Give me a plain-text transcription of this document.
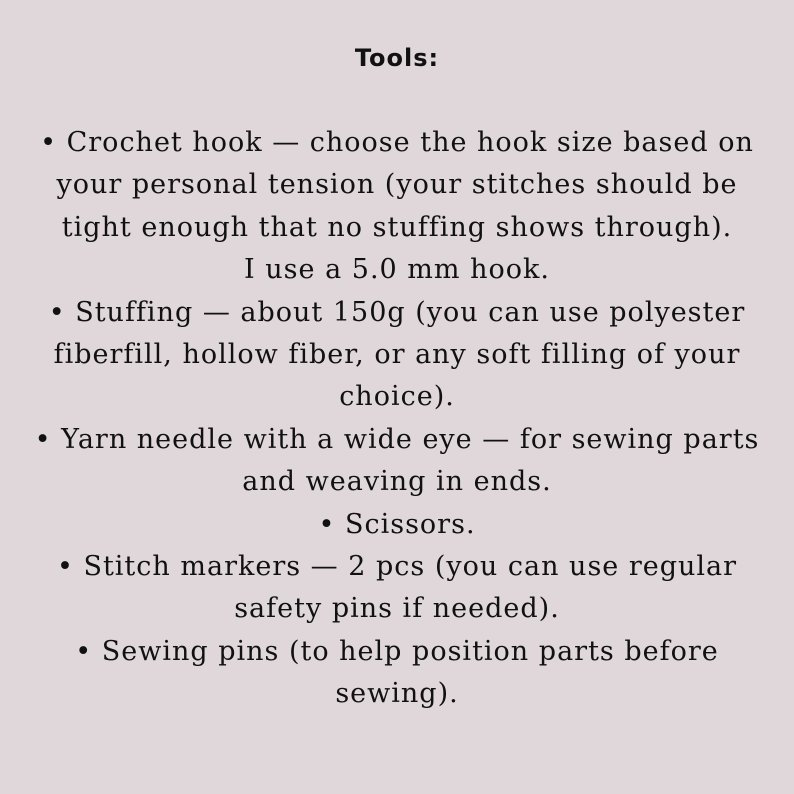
Tools:
• Crochet hook — choose the hook size based on
your personal tension (your stitches should be
tight enough that no stuffing shows through).
I use a 5.0 mm hook.
• Stuffing — about 150g (you can use polyester
fiberfill, hollow fiber, or any soft filling of your
choice).
• Yarn needle with a wide eye — for sewing parts
and weaving in ends.
• Scissors.
• Stitch markers — 2 pcs (you can use regular
safety pins if needed).
• Sewing pins (to help position parts before
sewing).
